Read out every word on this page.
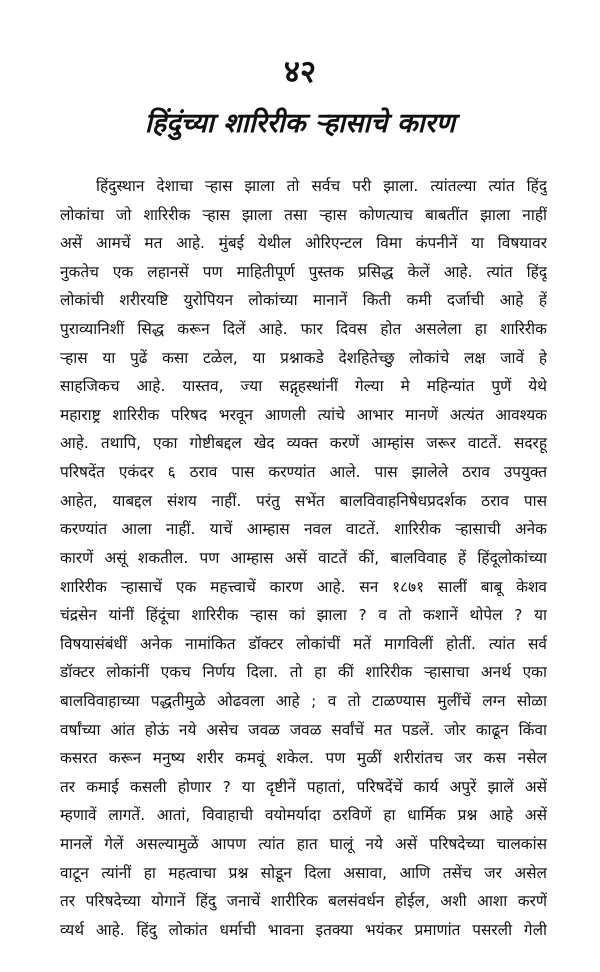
४२
हिंदुंच्या शारिरीक ऱ्हासाचे कारण
हिंदुस्थान देशाचा ऱ्हास झाला तो सर्वच परी झाला. त्यांतल्या त्यांत हिंदु
लोकांचा जो शारिरीक ऱ्हास झाला तसा ऱ्हास कोणत्याच बाबतींत झाला नाहीं
असें आमचें मत आहे. मुंबई येथील ओरिएन्टल विमा कंपनीनें या विषयावर
नुकतेच एक लहानसें पण माहितीपूर्ण पुस्तक प्रसिद्ध केलें आहे. त्यांत हिंदू
लोकांची शरीरयष्टि युरोपियन लोकांच्या मानानें किती कमी दर्जाची आहे हें
पुराव्यानिशीं सिद्ध करून दिलें आहे. फार दिवस होत असलेला हा शारिरीक
ऱ्हास या पुढें कसा टळेल, या प्रश्नाकडे देशहितेच्छु लोकांचे लक्ष जावें हे
साहजिकच आहे. यास्तव, ज्या सद्गृहस्थांनीं गेल्या मे महिन्यांत पुणें येथे
महाराष्ट्र शारिरीक परिषद भरवून आणली त्यांचे आभार मानणें अत्यंत आवश्यक
आहे. तथापि, एका गोष्टीबद्दल खेद व्यक्त करणें आम्हांस जरूर वाटतें. सदरहू
परिषदेंत एकंदर ६ ठराव पास करण्यांत आले. पास झालेले ठराव उपयुक्त
आहेत, याबद्दल संशय नाहीं. परंतु सभेंत बालविवाहनिषेधप्रदर्शक ठराव पास
करण्यांत आला नाहीं. याचें आम्हास नवल वाटतें. शारिरीक ऱ्हासाची अनेक
कारणें असूं शकतील. पण आम्हास असें वाटतें कीं, बालविवाह हें हिंदूलोकांच्या
शारिरीक ऱ्हासाचें एक महत्त्वाचें कारण आहे. सन १८७१ सालीं बाबू केशव
चंद्रसेन यांनीं हिंदूंचा शारिरीक ऱ्हास कां झाला ? व तो कशानें थोपेल ? या
विषयासंबंधीं अनेक नामांकित डॉक्टर लोकांचीं मतें मागविलीं होतीं. त्यांत सर्व
डॉक्टर लोकांनीं एकच निर्णय दिला. तो हा कीं शारिरीक ऱ्हासाचा अनर्थ एका
बालविवाहाच्या पद्धतीमुळे ओढवला आहे ; व तो टाळण्यास मुलींचें लग्न सोळा
वर्षांच्या आंत होऊं नये असेच जवळ जवळ सर्वांचें मत पडलें. जोर काढून किंवा
कसरत करून मनुष्य शरीर कमवूं शकेल. पण मुळीं शरीरांतच जर कस नसेल
तर कमाई कसली होणार ? या दृष्टीनें पहातां, परिषदेंचें कार्य अपुरें झालें असें
म्हणावें लागतें. आतां, विवाहाची वयोमर्यादा ठरविणें हा धार्मिक प्रश्न आहे असें
मानलें गेलें असल्यामुळें आपण त्यांत हात घालूं नये असें परिषदेच्या चालकांस
वाटून त्यांनीं हा महत्वाचा प्रश्न सोडून दिला असावा, आणि तसेंच जर असेल
तर परिषदेच्या योगानें हिंदु जनाचें शारीरिक बलसंवर्धन होईल, अशी आशा करणें
व्यर्थ आहे. हिंदु लोकांत धर्माची भावना इतक्या भयंकर प्रमाणांत पसरली गेली
